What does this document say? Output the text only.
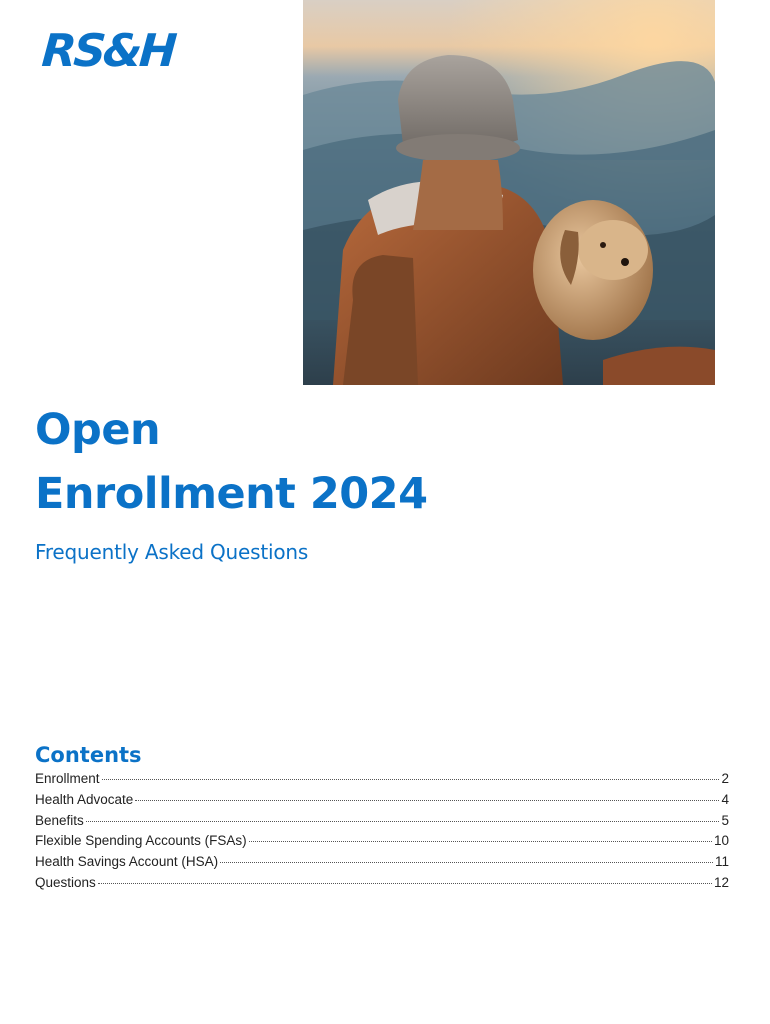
RS&H
Open
Enrollment 2024
Frequently Asked Questions
Contents
Enrollment	2
Health Advocate	4
Benefits	5
Flexible Spending Accounts (FSAs)	10
Health Savings Account (HSA)	11
Questions	12
